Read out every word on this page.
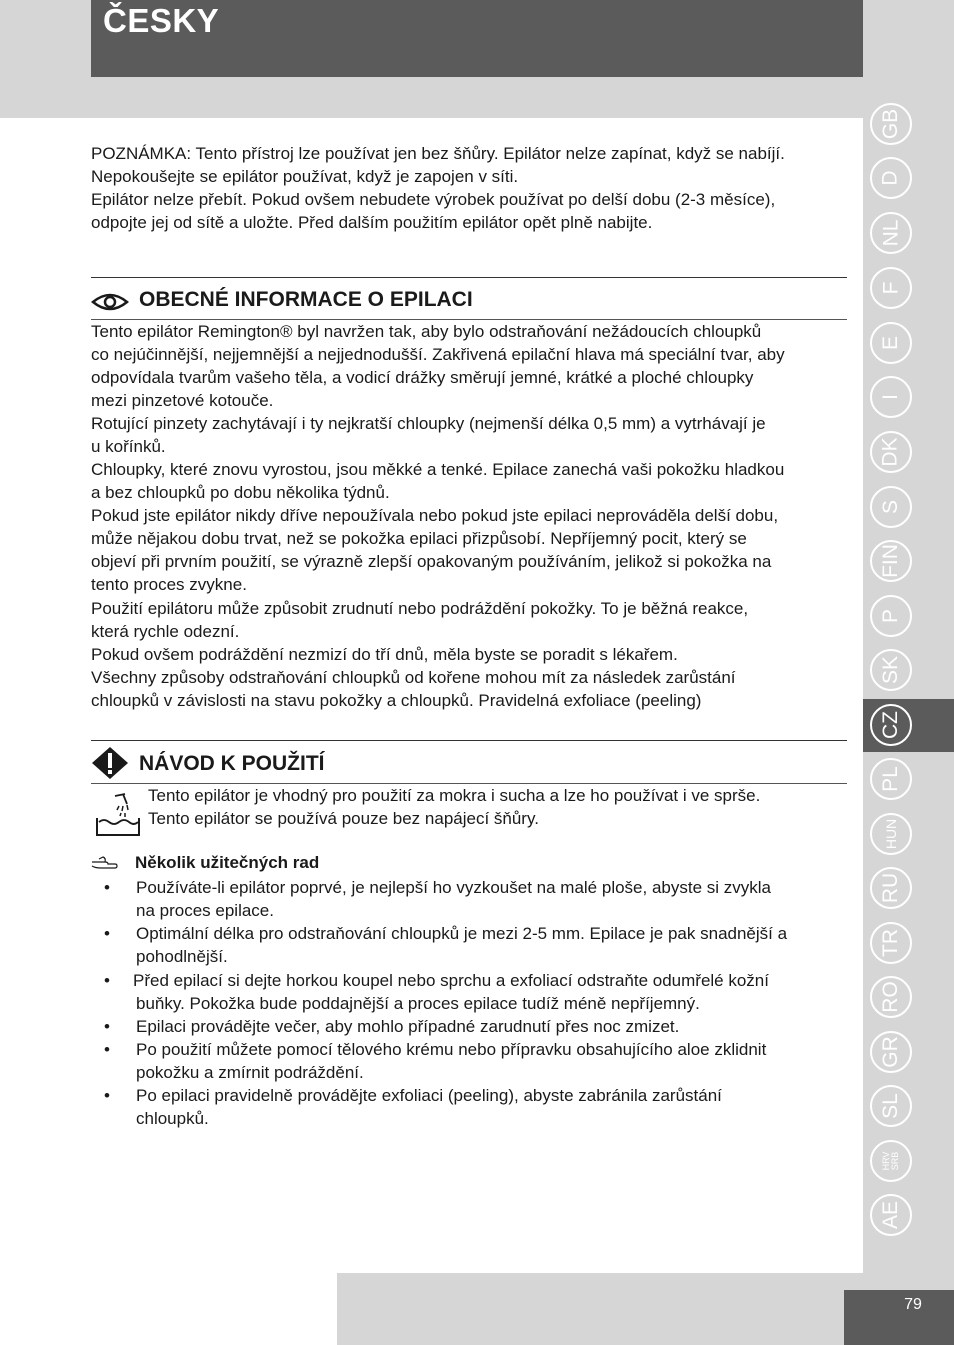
ČESKY

POZNÁMKA: Tento přístroj lze používat jen bez šňůry. Epilátor nelze zapínat, když se nabíjí.

Nepokoušejte se epilátor používat, když je zapojen v síti.

Epilátor nelze přebít. Pokud ovšem nebudete výrobek používat po delší dobu (2-3 měsíce),

odpojte jej od sítě a uložte. Před dalším použitím epilátor opět plně nabijte.

OBECNÉ INFORMACE O EPILACI

Tento epilátor Remington® byl navržen tak, aby bylo odstraňování nežádoucích chloupků

co nejúčinnější, nejjemnější a nejjednodušší. Zakřivená epilační hlava má speciální tvar, aby

odpovídala tvarům vašeho těla, a vodicí drážky směrují jemné, krátké a ploché chloupky

mezi pinzetové kotouče.

Rotující pinzety zachytávají i ty nejkratší chloupky (nejmenší délka 0,5 mm) a vytrhávají je

u kořínků.

Chloupky, které znovu vyrostou, jsou měkké a tenké. Epilace zanechá vaši pokožku hladkou

a bez chloupků po dobu několika týdnů.

Pokud jste epilátor nikdy dříve nepoužívala nebo pokud jste epilaci neprováděla delší dobu,

může nějakou dobu trvat, než se pokožka epilaci přizpůsobí. Nepříjemný pocit, který se

objeví při prvním použití, se výrazně zlepší opakovaným používáním, jelikož si pokožka na

tento proces zvykne.

Použití epilátoru může způsobit zrudnutí nebo podráždění pokožky. To je běžná reakce,

která rychle odezní.

Pokud ovšem podráždění nezmizí do tří dnů, měla byste se poradit s lékařem.

Všechny způsoby odstraňování chloupků od kořene mohou mít za následek zarůstání

chloupků v závislosti na stavu pokožky a chloupků. Pravidelná exfoliace (peeling)

NÁVOD K POUŽITÍ

Tento epilátor je vhodný pro použití za mokra i sucha a lze ho používat i ve sprše.

Tento epilátor se používá pouze bez napájecí šňůry.

Několik užitečných rad
• Používáte-li epilátor poprvé, je nejlepší ho vyzkoušet na malé ploše, abyste si zvykla
na proces epilace.
• Optimální délka pro odstraňování chloupků je mezi 2-5 mm. Epilace je pak snadnější a
pohodlnější.
• Před epilací si dejte horkou koupel nebo sprchu a exfoliací odstraňte odumřelé kožní
buňky. Pokožka bude poddajnější a proces epilace tudíž méně nepříjemný.
• Epilaci provádějte večer, aby mohlo případné zarudnutí přes noc zmizet.
• Po použití můžete pomocí tělového krému nebo přípravku obsahujícího aloe zklidnit
pokožku a zmírnit podráždění.
• Po epilaci pravidelně provádějte exfoliaci (peeling), abyste zabránila zarůstání
chloupků.
GB
D
NL
F
E
I
DK
S
FIN
P
SK
CZ
PL
HUN
RU
TR
RO
GR
SL
HRV SRB
AE
79
